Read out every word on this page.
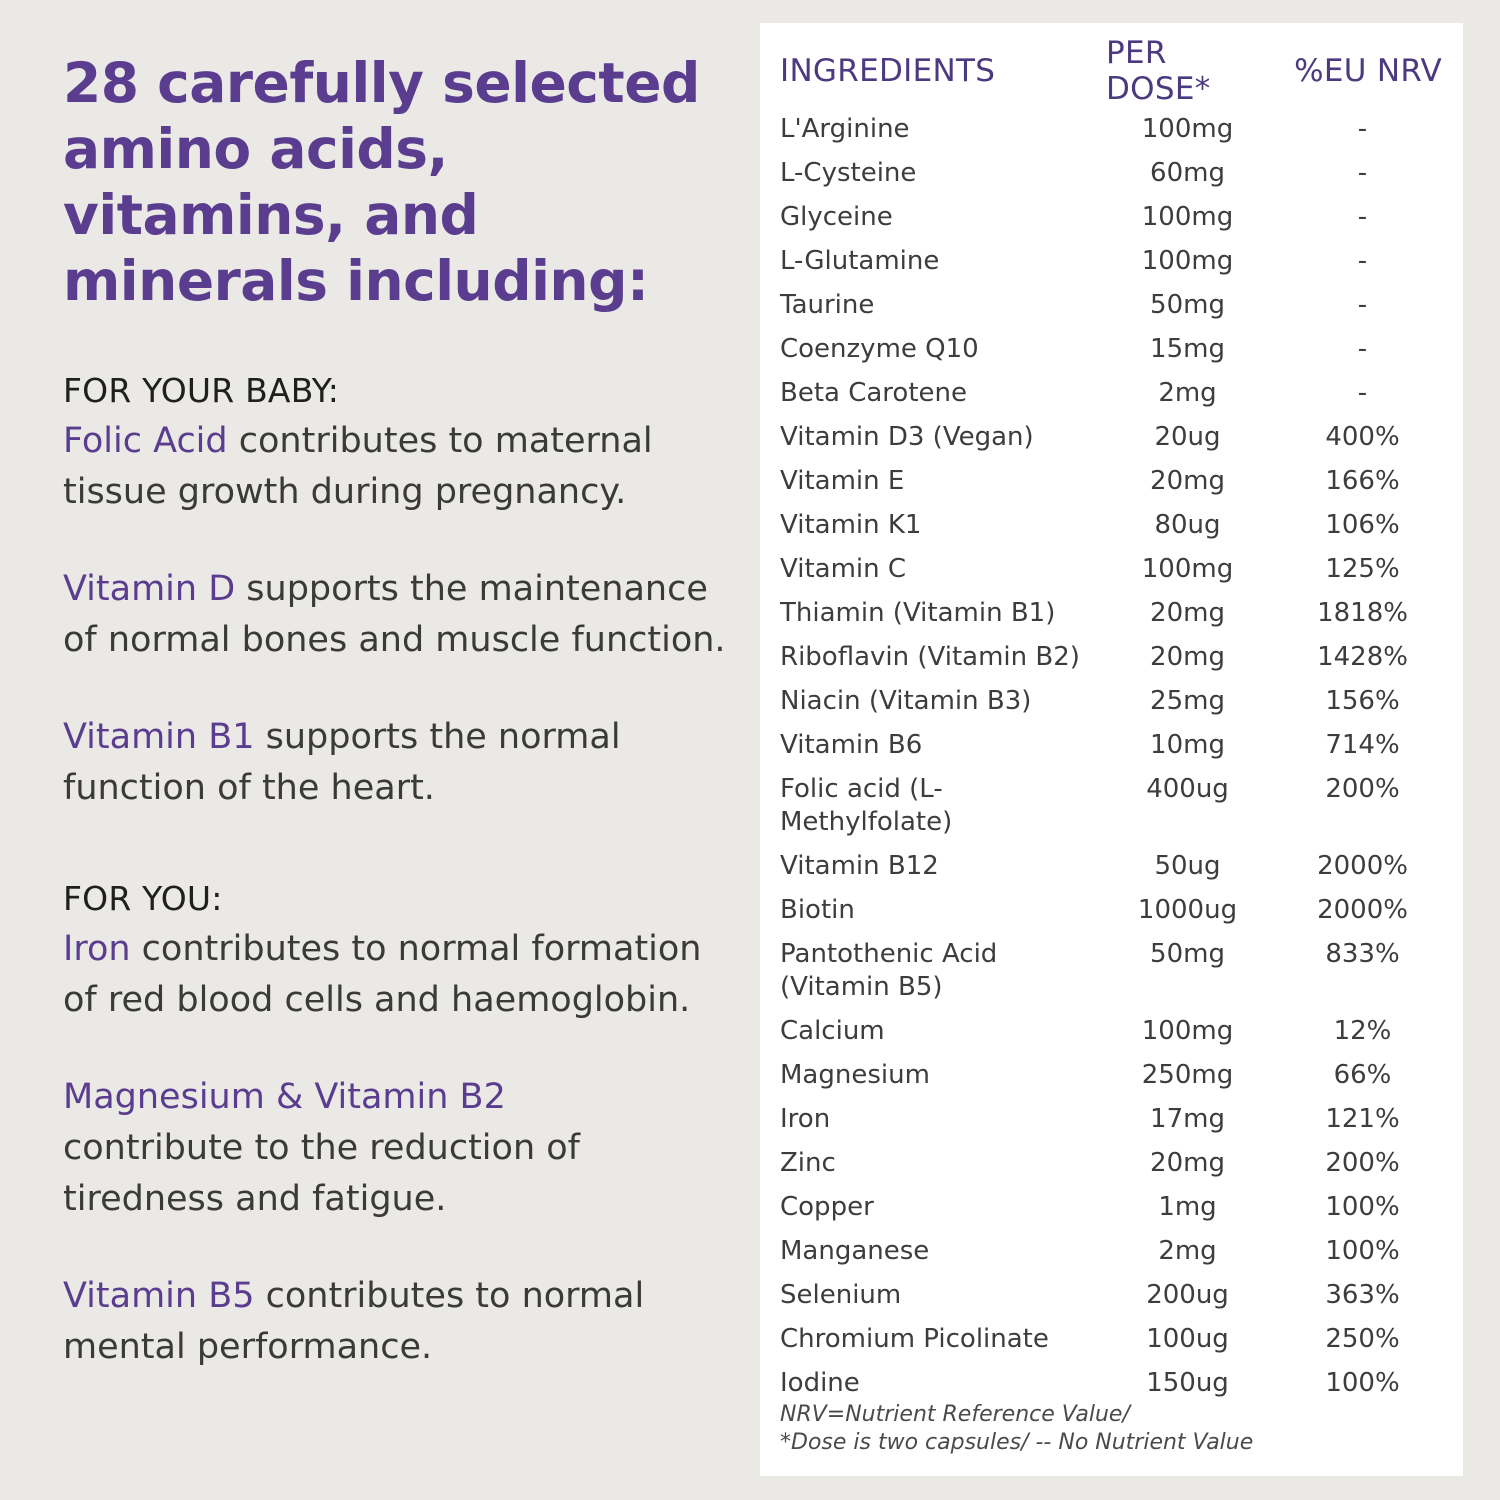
28 carefully selected amino acids, vitamins, and minerals including:

FOR YOUR BABY:

Folic Acid contributes to maternal tissue growth during pregnancy.

Vitamin D supports the maintenance of normal bones and muscle function.

Vitamin B1 supports the normal function of the heart.

FOR YOU:

Iron contributes to normal formation of red blood cells and haemoglobin.

Magnesium & Vitamin B2
contribute to the reduction of tiredness and fatigue.

Vitamin B5 contributes to normal mental performance.

INGREDIENTS	PER DOSE*	%EU NRV
L'Arginine	100mg	-
L-Cysteine	60mg	-
Glyceine	100mg	-
L-Glutamine	100mg	-
Taurine	50mg	-
Coenzyme Q10	15mg	-
Beta Carotene	2mg	-
Vitamin D3 (Vegan)	20ug	400%
Vitamin E	20mg	166%
Vitamin K1	80ug	106%
Vitamin C	100mg	125%
Thiamin (Vitamin B1)	20mg	1818%
Riboflavin (Vitamin B2)	20mg	1428%
Niacin (Vitamin B3)	25mg	156%
Vitamin B6	10mg	714%
Folic acid (L-Methylfolate)	400ug	200%
Vitamin B12	50ug	2000%
Biotin	1000ug	2000%
Pantothenic Acid (Vitamin B5)	50mg	833%
Calcium	100mg	12%
Magnesium	250mg	66%
Iron	17mg	121%
Zinc	20mg	200%
Copper	1mg	100%
Manganese	2mg	100%
Selenium	200ug	363%
Chromium Picolinate	100ug	250%
Iodine	150ug	100%
NRV=Nutrient Reference Value/
*Dose is two capsules/ -- No Nutrient Value
